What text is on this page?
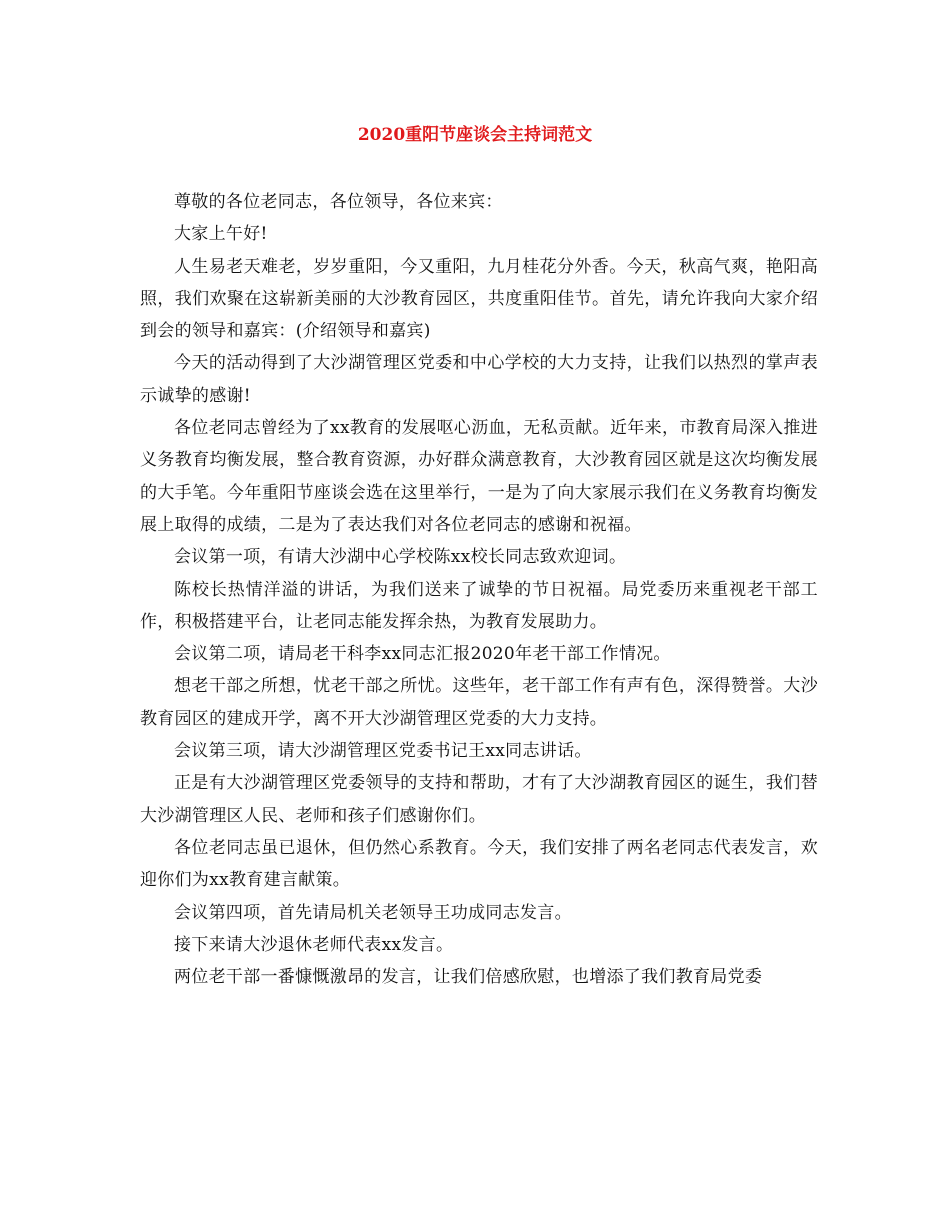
2020重阳节座谈会主持词范文

尊敬的各位老同志，各位领导，各位来宾：

大家上午好!

人生易老天难老，岁岁重阳，今又重阳，九月桂花分外香。今天，秋高气爽，艳阳高照，我们欢聚在这崭新美丽的大沙教育园区，共度重阳佳节。首先，请允许我向大家介绍到会的领导和嘉宾：(介绍领导和嘉宾)

今天的活动得到了大沙湖管理区党委和中心学校的大力支持，让我们以热烈的掌声表示诚挚的感谢!

各位老同志曾经为了xx教育的发展呕心沥血，无私贡献。近年来，市教育局深入推进义务教育均衡发展，整合教育资源，办好群众满意教育，大沙教育园区就是这次均衡发展的大手笔。今年重阳节座谈会选在这里举行，一是为了向大家展示我们在义务教育均衡发展上取得的成绩，二是为了表达我们对各位老同志的感谢和祝福。

会议第一项，有请大沙湖中心学校陈xx校长同志致欢迎词。

陈校长热情洋溢的讲话，为我们送来了诚挚的节日祝福。局党委历来重视老干部工作，积极搭建平台，让老同志能发挥余热，为教育发展助力。

会议第二项，请局老干科李xx同志汇报2020年老干部工作情况。

想老干部之所想，忧老干部之所忧。这些年，老干部工作有声有色，深得赞誉。大沙教育园区的建成开学，离不开大沙湖管理区党委的大力支持。

会议第三项，请大沙湖管理区党委书记王xx同志讲话。

正是有大沙湖管理区党委领导的支持和帮助，才有了大沙湖教育园区的诞生，我们替大沙湖管理区人民、老师和孩子们感谢你们。

各位老同志虽已退休，但仍然心系教育。今天，我们安排了两名老同志代表发言，欢迎你们为xx教育建言献策。

会议第四项，首先请局机关老领导王功成同志发言。

接下来请大沙退休老师代表xx发言。

两位老干部一番慷慨激昂的发言，让我们倍感欣慰，也增添了我们教育局党委
